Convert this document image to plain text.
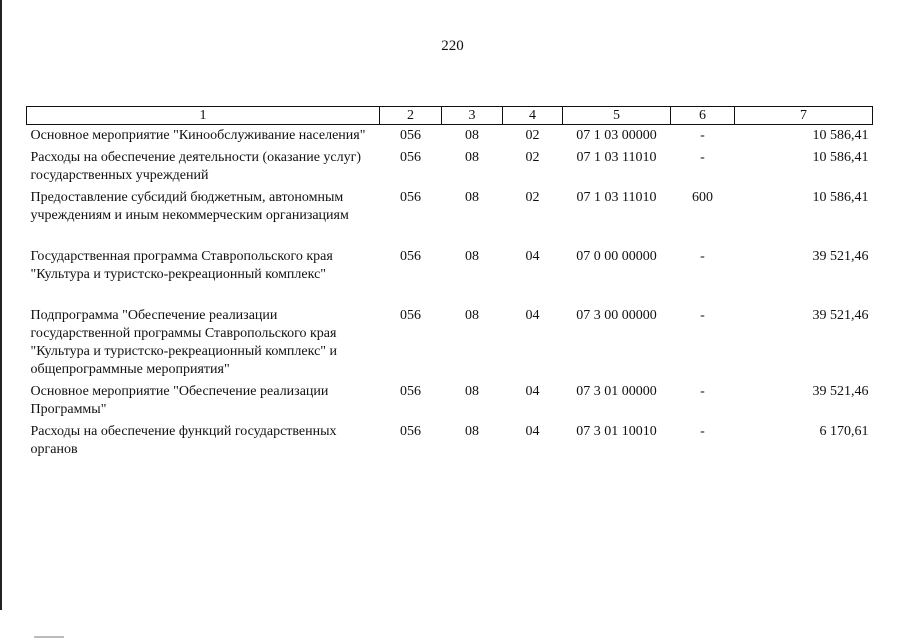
220
1	2	3	4	5	6	7
Основное мероприятие "Кинообслуживание населения"	056	08	02	07 1 03 00000	-	10 586,41
Расходы на обеспечение деятельности (оказание услуг) государственных учреждений	056	08	02	07 1 03 11010	-	10 586,41
Предоставление субсидий бюджетным, автономным учреждениям и иным некоммерческим организациям	056	08	02	07 1 03 11010	600	10 586,41
Государственная программа Ставропольского края "Культура и туристско-рекреационный комплекс"	056	08	04	07 0 00 00000	-	39 521,46
Подпрограмма "Обеспечение реализации государственной программы Ставропольского края "Культура и туристско-рекреационный комплекс" и общепрограммные мероприятия"	056	08	04	07 3 00 00000	-	39 521,46
Основное мероприятие "Обеспечение реализации Программы"	056	08	04	07 3 01 00000	-	39 521,46
Расходы на обеспечение функций государственных органов	056	08	04	07 3 01 10010	-	6 170,61
